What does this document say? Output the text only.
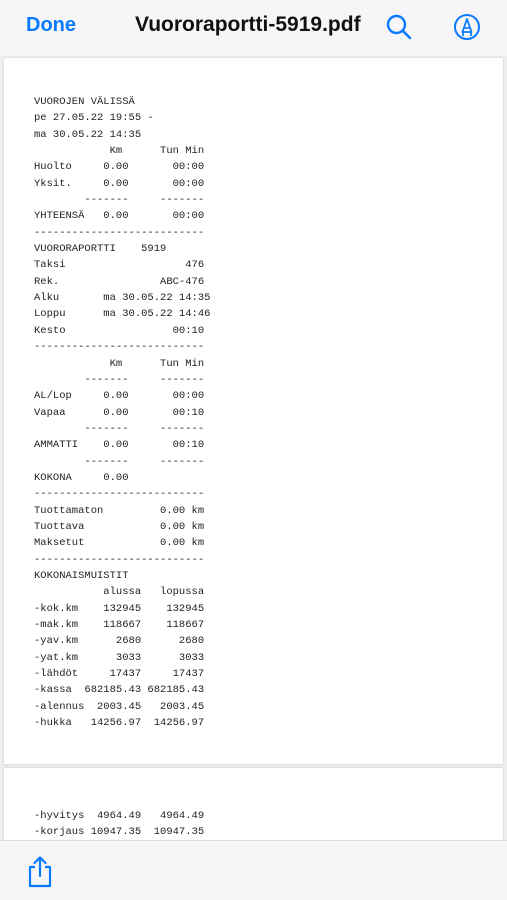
Done	Vuororaportti-5919.pdf
VUOROJEN VÄLISSÄ
pe 27.05.22 19:55 -
ma 30.05.22 14:35
Km      Tun Min
Huolto     0.00       00:00
Yksit.     0.00       00:00
-------     -------
YHTEENSÄ   0.00       00:00
---------------------------
VUORORAPORTTI    5919
Taksi                   476
Rek.                ABC-476
Alku       ma 30.05.22 14:35
Loppu      ma 30.05.22 14:46
Kesto                 00:10
---------------------------
Km      Tun Min
-------     -------
AL/Lop     0.00       00:00
Vapaa      0.00       00:10
-------     -------
AMMATTI    0.00       00:10
-------     -------
KOKONA     0.00
---------------------------
Tuottamaton         0.00 km
Tuottava            0.00 km
Maksetut            0.00 km
---------------------------
KOKONAISMUISTIT
alussa   lopussa
-kok.km    132945    132945
-mak.km    118667    118667
-yav.km      2680      2680
-yat.km      3033      3033
-lähdöt     17437     17437
-kassa  682185.43 682185.43
-alennus  2003.45   2003.45
-hukka   14256.97  14256.97
-hyvitys  4964.49   4964.49
-korjaus 10947.35  10947.35
